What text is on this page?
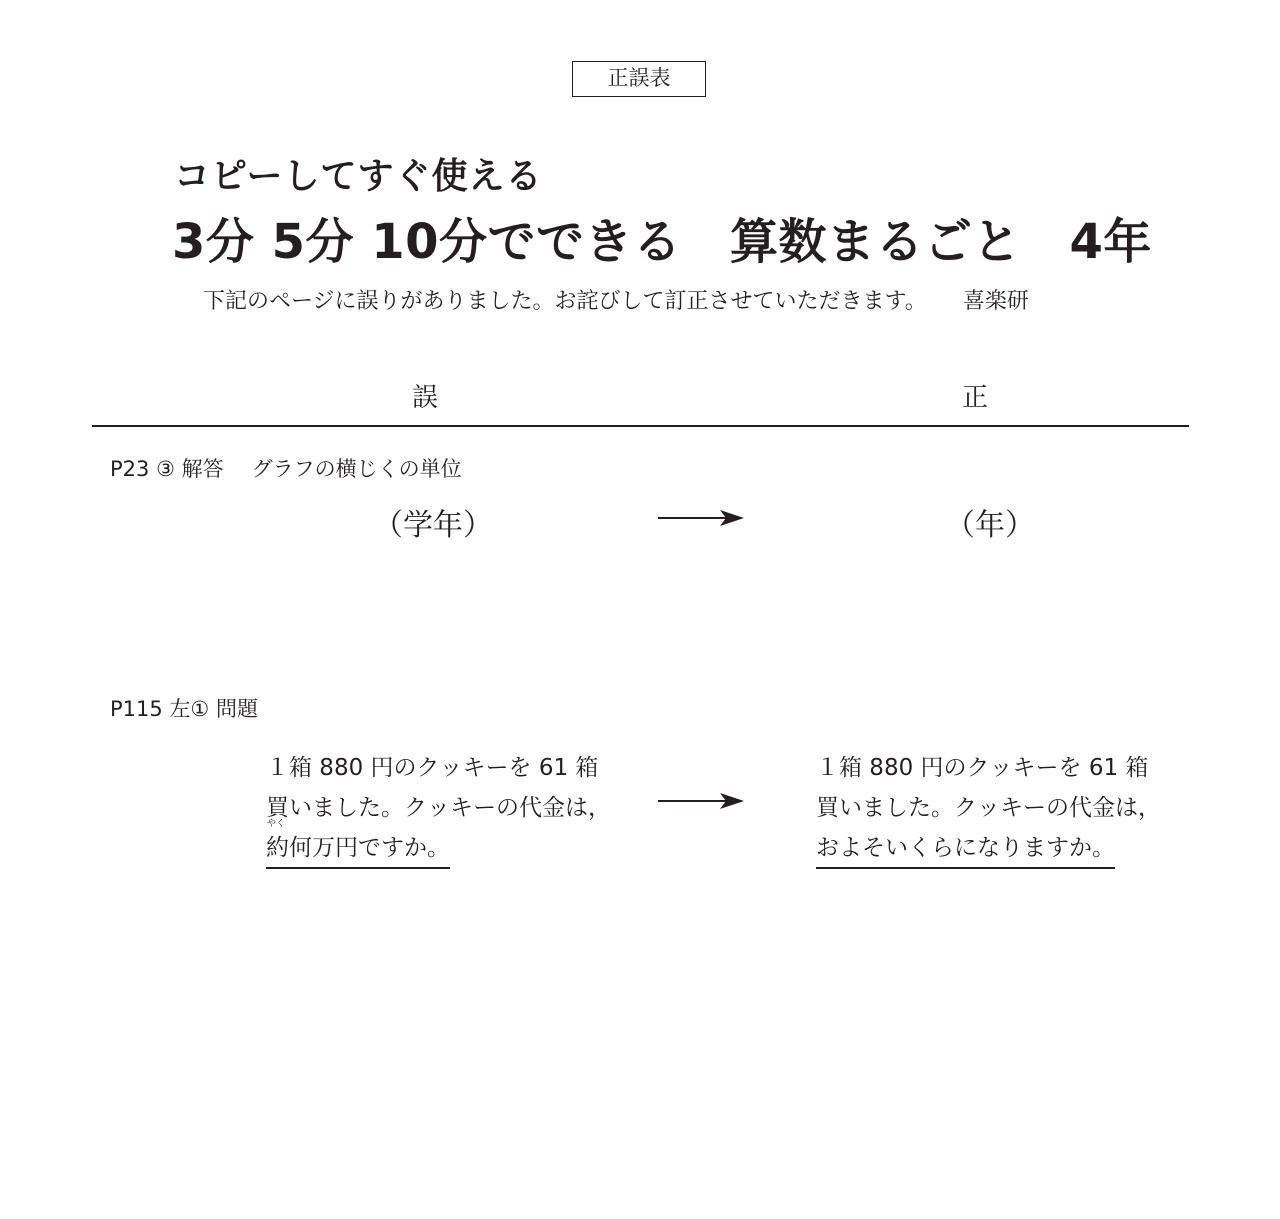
正誤表
コピーしてすぐ使える
3分 5分 10分でできる　算数まるごと　4年
下記のページに誤りがありました。お詫びして訂正させていただきます。 喜楽研
誤	正
P23 ③ 解答 グラフの横じくの単位
（学年）	（年）
P115 左① 問題
１箱 880 円のクッキーを 61 箱
買いました。クッキーの代金は，
やく
約何万円ですか。
１箱 880 円のクッキーを 61 箱
買いました。クッキーの代金は，
およそいくらになりますか。
